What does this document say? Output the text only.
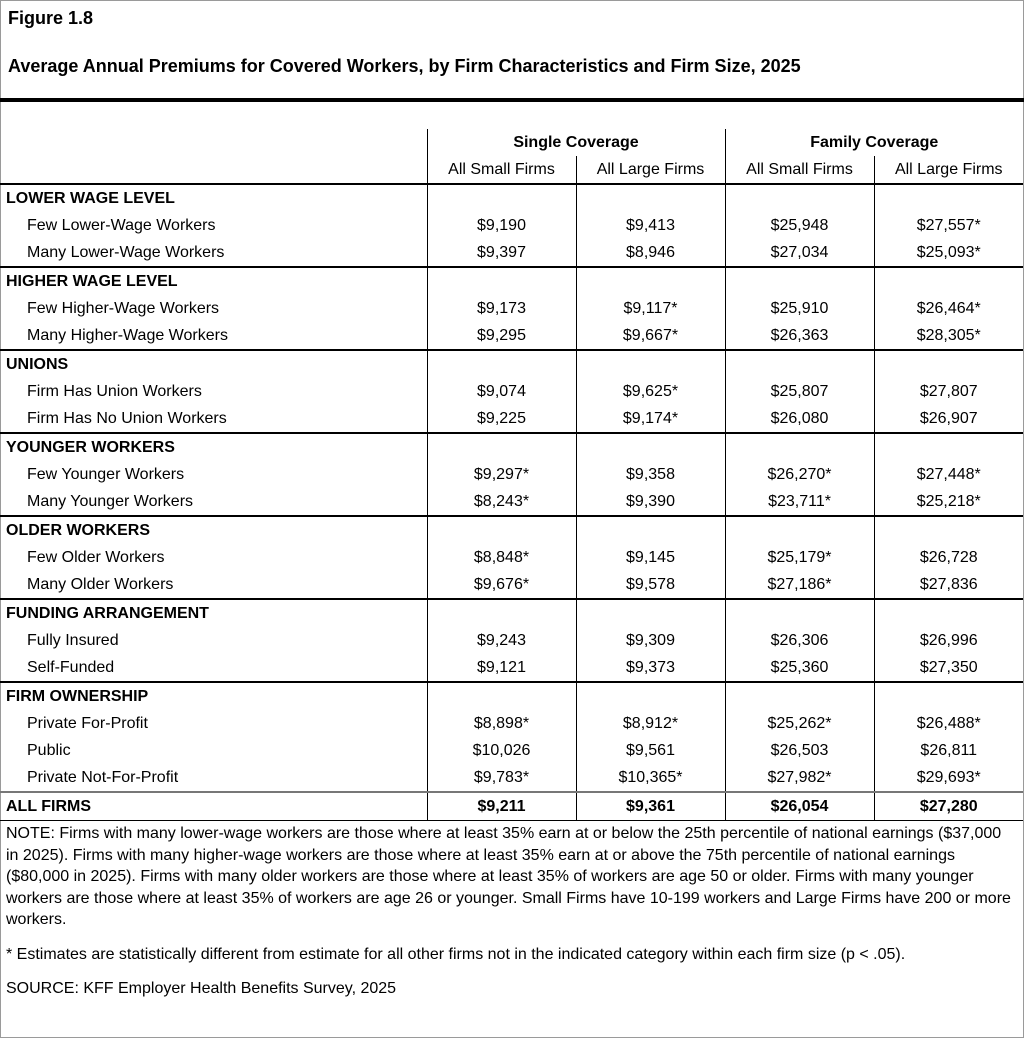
Figure 1.8
Average Annual Premiums for Covered Workers, by Firm Characteristics and Firm Size, 2025
	Single Coverage		Family Coverage	
	All Small Firms	All Large Firms	All Small Firms	All Large Firms
LOWER WAGE LEVEL				
Few Lower-Wage Workers	$9,190	$9,413	$25,948	$27,557*
Many Lower-Wage Workers	$9,397	$8,946	$27,034	$25,093*
HIGHER WAGE LEVEL				
Few Higher-Wage Workers	$9,173	$9,117*	$25,910	$26,464*
Many Higher-Wage Workers	$9,295	$9,667*	$26,363	$28,305*
UNIONS				
Firm Has Union Workers	$9,074	$9,625*	$25,807	$27,807
Firm Has No Union Workers	$9,225	$9,174*	$26,080	$26,907
YOUNGER WORKERS				
Few Younger Workers	$9,297*	$9,358	$26,270*	$27,448*
Many Younger Workers	$8,243*	$9,390	$23,711*	$25,218*
OLDER WORKERS				
Few Older Workers	$8,848*	$9,145	$25,179*	$26,728
Many Older Workers	$9,676*	$9,578	$27,186*	$27,836
FUNDING ARRANGEMENT				
Fully Insured	$9,243	$9,309	$26,306	$26,996
Self-Funded	$9,121	$9,373	$25,360	$27,350
FIRM OWNERSHIP				
Private For-Profit	$8,898*	$8,912*	$25,262*	$26,488*
Public	$10,026	$9,561	$26,503	$26,811
Private Not-For-Profit	$9,783*	$10,365*	$27,982*	$29,693*
ALL FIRMS	$9,211	$9,361	$26,054	$27,280
NOTE: Firms with many lower-wage workers are those where at least 35% earn at or below the 25th percentile of national earnings ($37,000 in 2025). Firms with many higher-wage workers are those where at least 35% earn at or above the 75th percentile of national earnings ($80,000 in 2025). Firms with many older workers are those where at least 35% of workers are age 50 or older. Firms with many younger workers are those where at least 35% of workers are age 26 or younger. Small Firms have 10-199 workers and Large Firms have 200 or more workers.
* Estimates are statistically different from estimate for all other firms not in the indicated category within each firm size (p < .05).
SOURCE: KFF Employer Health Benefits Survey, 2025
